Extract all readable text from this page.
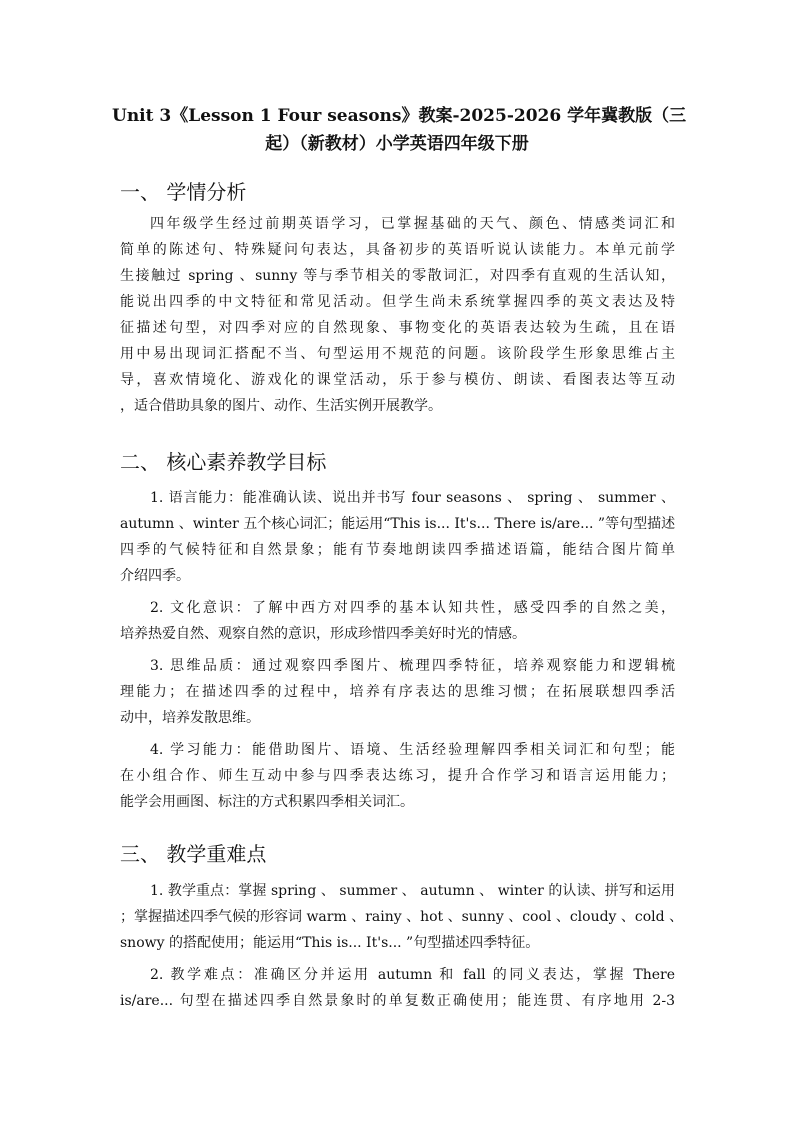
Unit 3《Lesson 1 Four seasons》教案-2025-2026 学年冀教版（三
起）（新教材）小学英语四年级下册
一、 学情分析
四年级学生经过前期英语学习，已掌握基础的天气、颜色、情感类词汇和
简单的陈述句、特殊疑问句表达，具备初步的英语听说认读能力。本单元前学
生接触过 spring 、sunny 等与季节相关的零散词汇，对四季有直观的生活认知，
能说出四季的中文特征和常见活动。但学生尚未系统掌握四季的英文表达及特
征描述句型，对四季对应的自然现象、事物变化的英语表达较为生疏，且在语
用中易出现词汇搭配不当、句型运用不规范的问题。该阶段学生形象思维占主
导，喜欢情境化、游戏化的课堂活动，乐于参与模仿、朗读、看图表达等互动
，适合借助具象的图片、动作、生活实例开展教学。
二、 核心素养教学目标
1. 语言能力：能准确认读、说出并书写 four seasons 、 spring 、 summer 、
autumn 、winter 五个核心词汇；能运用“This is... It's... There is/are... ”等句型描述
四季的气候特征和自然景象；能有节奏地朗读四季描述语篇，能结合图片简单
介绍四季。
2. 文化意识：了解中西方对四季的基本认知共性，感受四季的自然之美，
培养热爱自然、观察自然的意识，形成珍惜四季美好时光的情感。
3. 思维品质：通过观察四季图片、梳理四季特征，培养观察能力和逻辑梳
理能力；在描述四季的过程中，培养有序表达的思维习惯；在拓展联想四季活
动中，培养发散思维。
4. 学习能力：能借助图片、语境、生活经验理解四季相关词汇和句型；能
在小组合作、师生互动中参与四季表达练习，提升合作学习和语言运用能力；
能学会用画图、标注的方式积累四季相关词汇。
三、 教学重难点
1. 教学重点：掌握 spring 、 summer 、 autumn 、 winter 的认读、拼写和运用
；掌握描述四季气候的形容词 warm 、rainy 、hot 、sunny 、cool 、cloudy 、cold 、
snowy 的搭配使用；能运用“This is... It's... ”句型描述四季特征。
2. 教学难点：准确区分并运用 autumn 和 fall 的同义表达，掌握 There
is/are... 句型在描述四季自然景象时的单复数正确使用；能连贯、有序地用 2-3
